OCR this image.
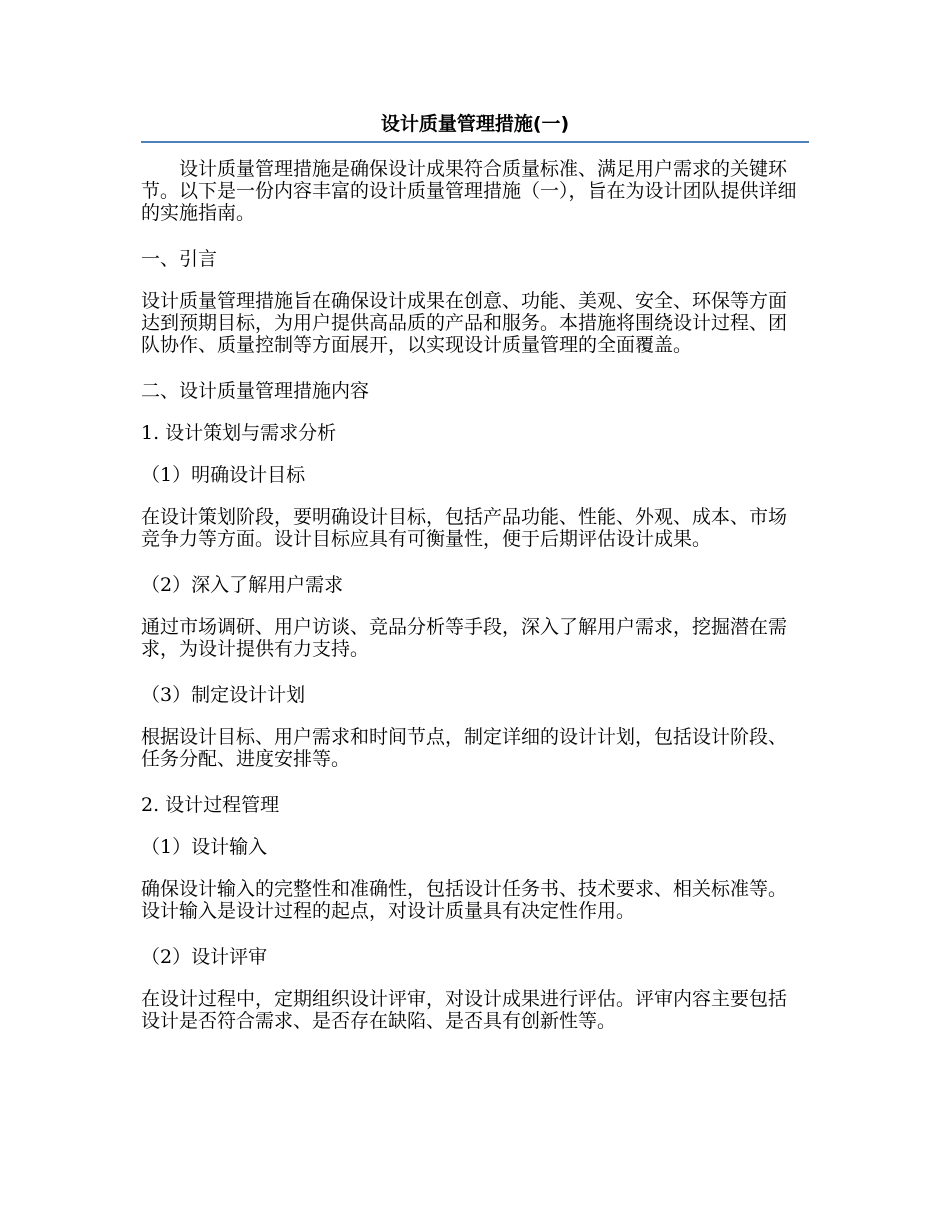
设计质量管理措施(一)

设计质量管理措施是确保设计成果符合质量标准、满足用户需求的关键环节。以下是一份内容丰富的设计质量管理措施（一），旨在为设计团队提供详细的实施指南。

一、引言

设计质量管理措施旨在确保设计成果在创意、功能、美观、安全、环保等方面达到预期目标，为用户提供高品质的产品和服务。本措施将围绕设计过程、团队协作、质量控制等方面展开，以实现设计质量管理的全面覆盖。

二、设计质量管理措施内容

1. 设计策划与需求分析

（1）明确设计目标

在设计策划阶段，要明确设计目标，包括产品功能、性能、外观、成本、市场竞争力等方面。设计目标应具有可衡量性，便于后期评估设计成果。

（2）深入了解用户需求

通过市场调研、用户访谈、竞品分析等手段，深入了解用户需求，挖掘潜在需求，为设计提供有力支持。

（3）制定设计计划

根据设计目标、用户需求和时间节点，制定详细的设计计划，包括设计阶段、任务分配、进度安排等。

2. 设计过程管理

（1）设计输入

确保设计输入的完整性和准确性，包括设计任务书、技术要求、相关标准等。设计输入是设计过程的起点，对设计质量具有决定性作用。

（2）设计评审

在设计过程中，定期组织设计评审，对设计成果进行评估。评审内容主要包括设计是否符合需求、是否存在缺陷、是否具有创新性等。
